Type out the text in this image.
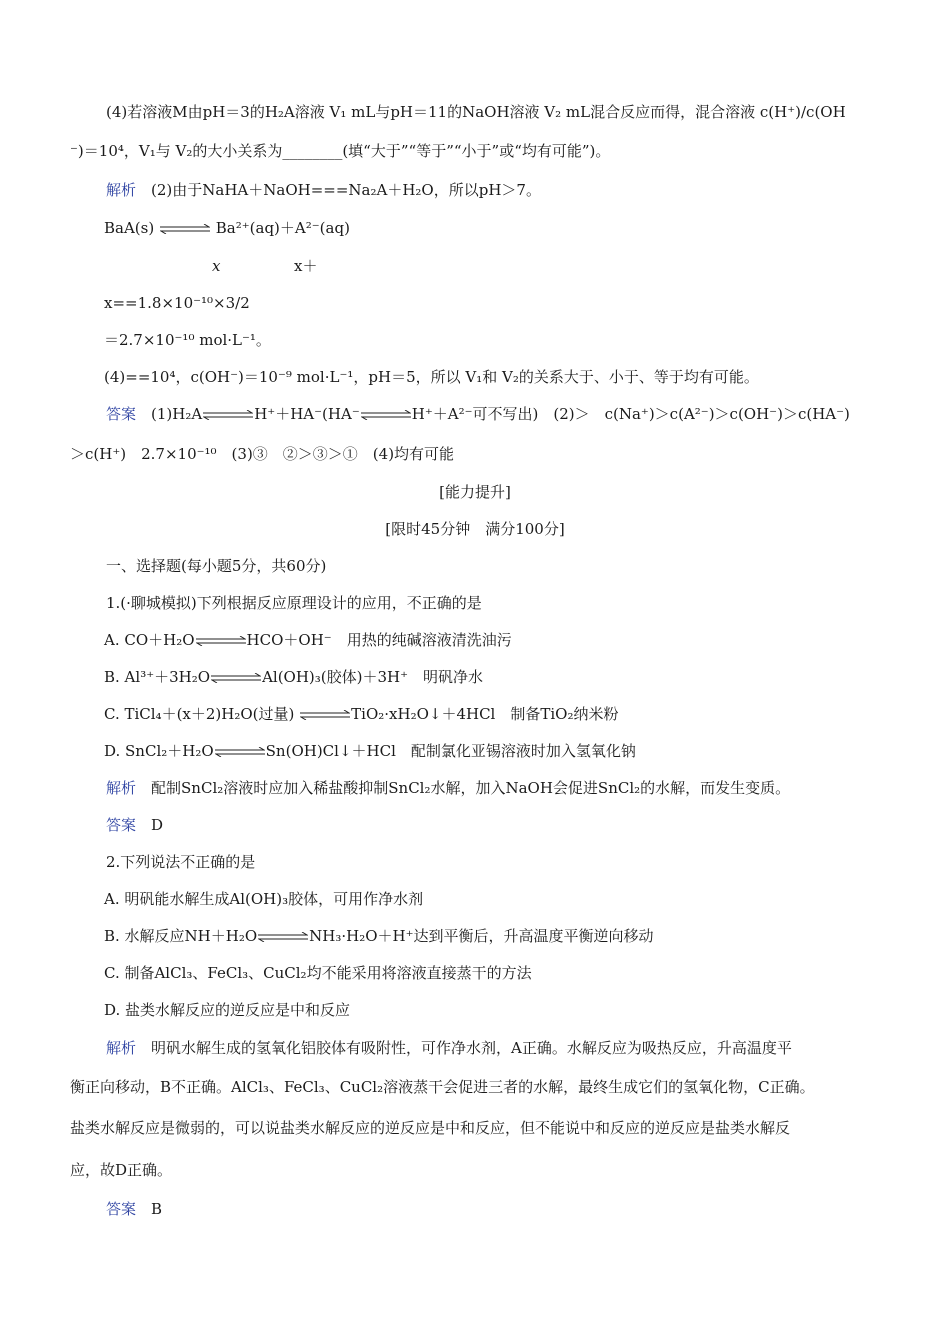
(4)若溶液M由pH＝3的H₂A溶液 V₁ mL与pH＝11的NaOH溶液 V₂ mL混合反应而得，混合溶液 c(H⁺)/c(OH
⁻)＝10⁴，V₁与 V₂的大小关系为________(填“大于”“等于”“小于”或“均有可能”)。
解析　 (2)由于NaHA＋NaOH===Na₂A＋H₂O，所以pH＞7。
BaA(s) ⇌ Ba²⁺(aq)＋A²⁻(aq)
x	x＋
x==1.8×10⁻¹⁰×3/2
＝2.7×10⁻¹⁰ mol·L⁻¹。
(4)==10⁴，c(OH⁻)＝10⁻⁹ mol·L⁻¹，pH＝5，所以 V₁和 V₂的关系大于、小于、等于均有可能。
答案　 (1)H₂A⇌H⁺＋HA⁻(HA⁻⇌H⁺＋A²⁻可不写出)　(2)＞　c(Na⁺)＞c(A²⁻)＞c(OH⁻)＞c(HA⁻)
＞c(H⁺)　2.7×10⁻¹⁰　(3)③　②＞③＞①　(4)均有可能
[能力提升]
[限时45分钟　满分100分]
一、选择题(每小题5分，共60分)
1.(·聊城模拟)下列根据反应原理设计的应用，不正确的是
A. CO＋H₂O⇌HCO＋OH⁻　用热的纯碱溶液清洗油污
B. Al³⁺＋3H₂O⇌Al(OH)₃(胶体)＋3H⁺　明矾净水
C. TiCl₄＋(x＋2)H₂O(过量) ⇌TiO₂·xH₂O↓＋4HCl　制备TiO₂纳米粉
D. SnCl₂＋H₂O⇌Sn(OH)Cl↓＋HCl　配制氯化亚锡溶液时加入氢氧化钠
解析　 配制SnCl₂溶液时应加入稀盐酸抑制SnCl₂水解，加入NaOH会促进SnCl₂的水解，而发生变质。
答案　 D
2.下列说法不正确的是
A. 明矾能水解生成Al(OH)₃胶体，可用作净水剂
B. 水解反应NH＋H₂O⇌NH₃·H₂O＋H⁺达到平衡后，升高温度平衡逆向移动
C. 制备AlCl₃、FeCl₃、CuCl₂均不能采用将溶液直接蒸干的方法
D. 盐类水解反应的逆反应是中和反应
解析　 明矾水解生成的氢氧化铝胶体有吸附性，可作净水剂，A正确。水解反应为吸热反应，升高温度平
衡正向移动，B不正确。AlCl₃、FeCl₃、CuCl₂溶液蒸干会促进三者的水解，最终生成它们的氢氧化物，C正确。
盐类水解反应是微弱的，可以说盐类水解反应的逆反应是中和反应，但不能说中和反应的逆反应是盐类水解反
应，故D正确。
答案　 B
